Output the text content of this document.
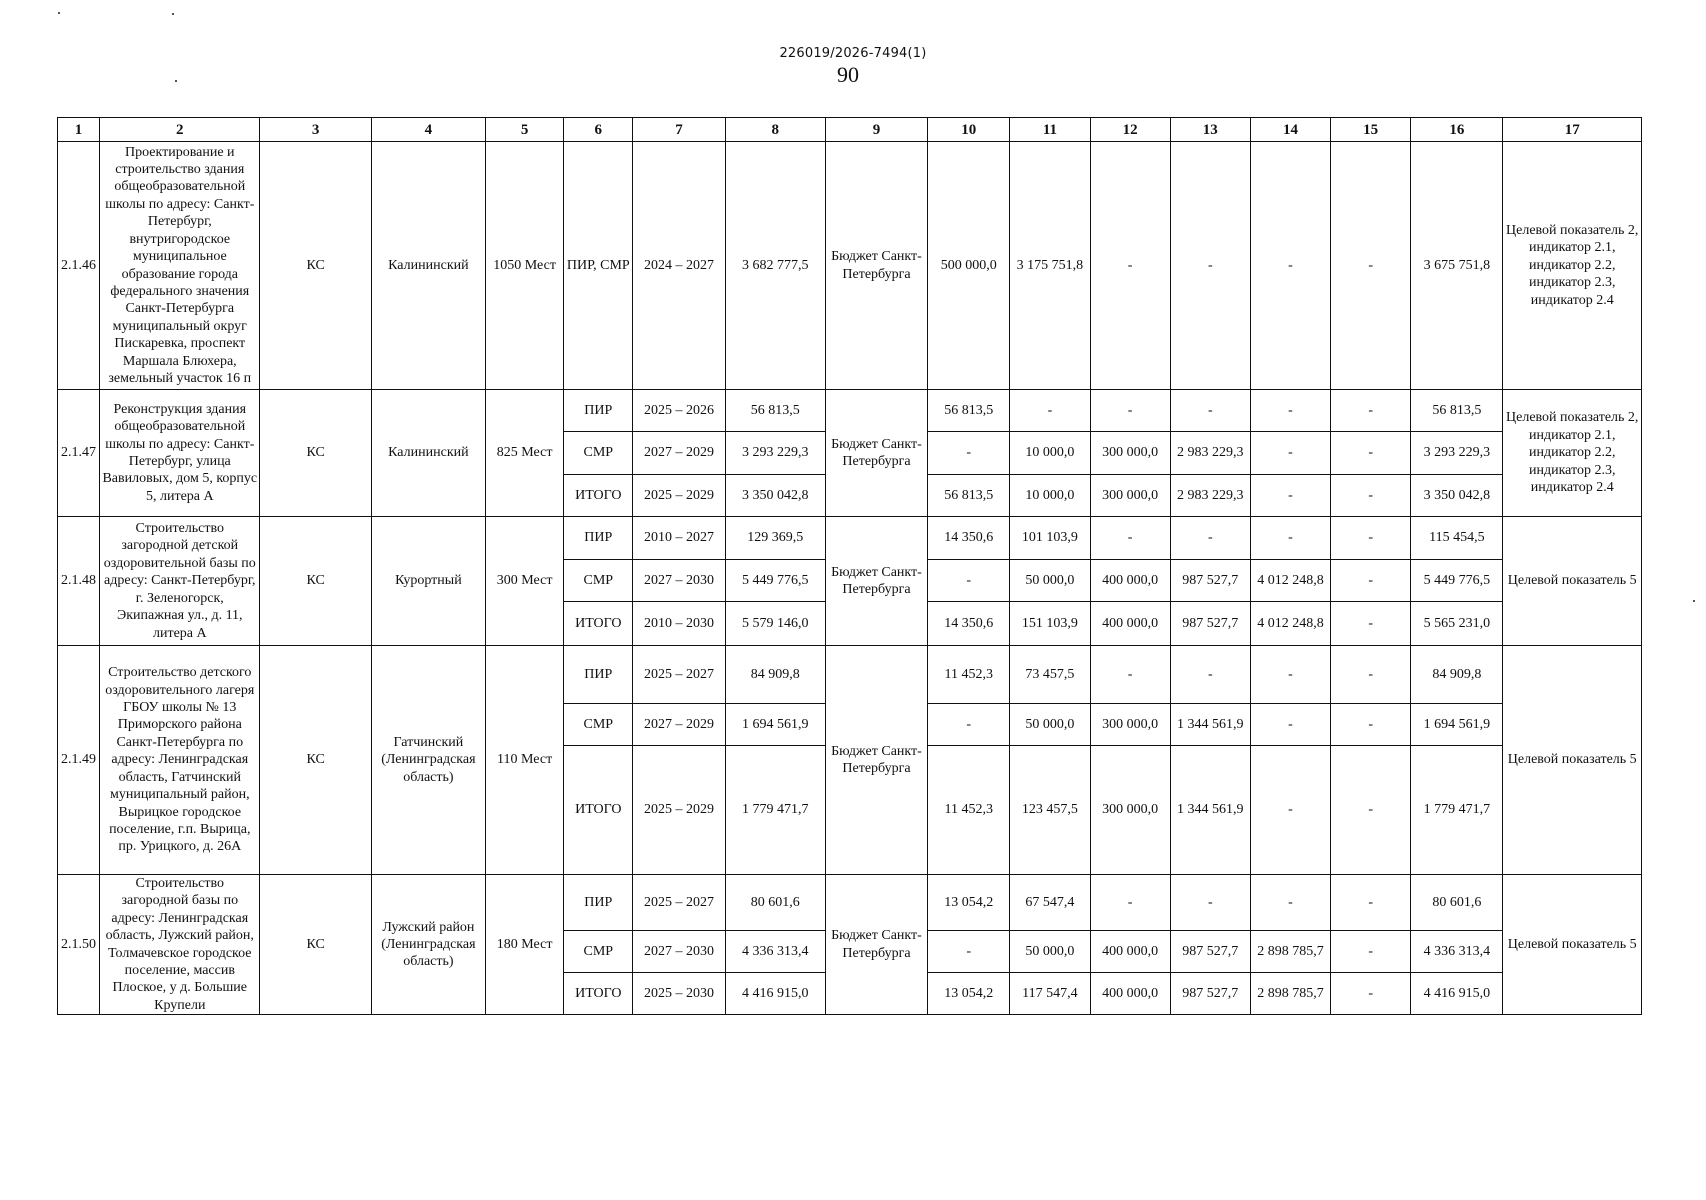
226019/2026-7494(1)
90
1	2	3	4	5	6	7	8	9	10	11	12	13	14	15	16	17
2.1.46	Проектирование и строительство здания общеобразовательной школы по адресу: Санкт-Петербург, внутригородское муниципальное образование города федерального значения Санкт-Петербурга муниципальный округ Пискаревка, проспект Маршала Блюхера, земельный участок 16 п	КС	Калининский	1050 Мест	ПИР, СМР	2024 – 2027	3 682 777,5	Бюджет Санкт-Петербурга	500 000,0	3 175 751,8	-	-	-	-	3 675 751,8	Целевой показатель 2, индикатор 2.1, индикатор 2.2, индикатор 2.3, индикатор 2.4
2.1.47	Реконструкция здания общеобразовательной школы по адресу: Санкт-Петербург, улица Вавиловых, дом 5, корпус 5, литера А	КС	Калининский	825 Мест	ПИР	2025 – 2026	56 813,5	Бюджет Санкт-Петербурга	56 813,5	-	-	-	-	-	56 813,5	Целевой показатель 2, индикатор 2.1, индикатор 2.2, индикатор 2.3, индикатор 2.4
					СМР	2027 – 2029	3 293 229,3		-	10 000,0	300 000,0	2 983 229,3	-	-	3 293 229,3	
					ИТОГО	2025 – 2029	3 350 042,8		56 813,5	10 000,0	300 000,0	2 983 229,3	-	-	3 350 042,8	
2.1.48	Строительство загородной детской оздоровительной базы по адресу: Санкт-Петербург, г. Зеленогорск, Экипажная ул., д. 11, литера А	КС	Курортный	300 Мест	ПИР	2010 – 2027	129 369,5	Бюджет Санкт-Петербурга	14 350,6	101 103,9	-	-	-	-	115 454,5	Целевой показатель 5
					СМР	2027 – 2030	5 449 776,5		-	50 000,0	400 000,0	987 527,7	4 012 248,8	-	5 449 776,5	
					ИТОГО	2010 – 2030	5 579 146,0		14 350,6	151 103,9	400 000,0	987 527,7	4 012 248,8	-	5 565 231,0	
2.1.49	Строительство детского оздоровительного лагеря ГБОУ школы № 13 Приморского района Санкт-Петербурга по адресу: Ленинградская область, Гатчинский муниципальный район, Вырицкое городское поселение, г.п. Вырица, пр. Урицкого, д. 26А	КС	Гатчинский (Ленинградская область)	110 Мест	ПИР	2025 – 2027	84 909,8	Бюджет Санкт-Петербурга	11 452,3	73 457,5	-	-	-	-	84 909,8	Целевой показатель 5
					СМР	2027 – 2029	1 694 561,9		-	50 000,0	300 000,0	1 344 561,9	-	-	1 694 561,9	
					ИТОГО	2025 – 2029	1 779 471,7		11 452,3	123 457,5	300 000,0	1 344 561,9	-	-	1 779 471,7	
2.1.50	Строительство загородной базы по адресу: Ленинградская область, Лужский район, Толмачевское городское поселение, массив Плоское, у д. Большие Крупели	КС	Лужский район (Ленинградская область)	180 Мест	ПИР	2025 – 2027	80 601,6	Бюджет Санкт-Петербурга	13 054,2	67 547,4	-	-	-	-	80 601,6	Целевой показатель 5
					СМР	2027 – 2030	4 336 313,4		-	50 000,0	400 000,0	987 527,7	2 898 785,7	-	4 336 313,4	
					ИТОГО	2025 – 2030	4 416 915,0		13 054,2	117 547,4	400 000,0	987 527,7	2 898 785,7	-	4 416 915,0	
